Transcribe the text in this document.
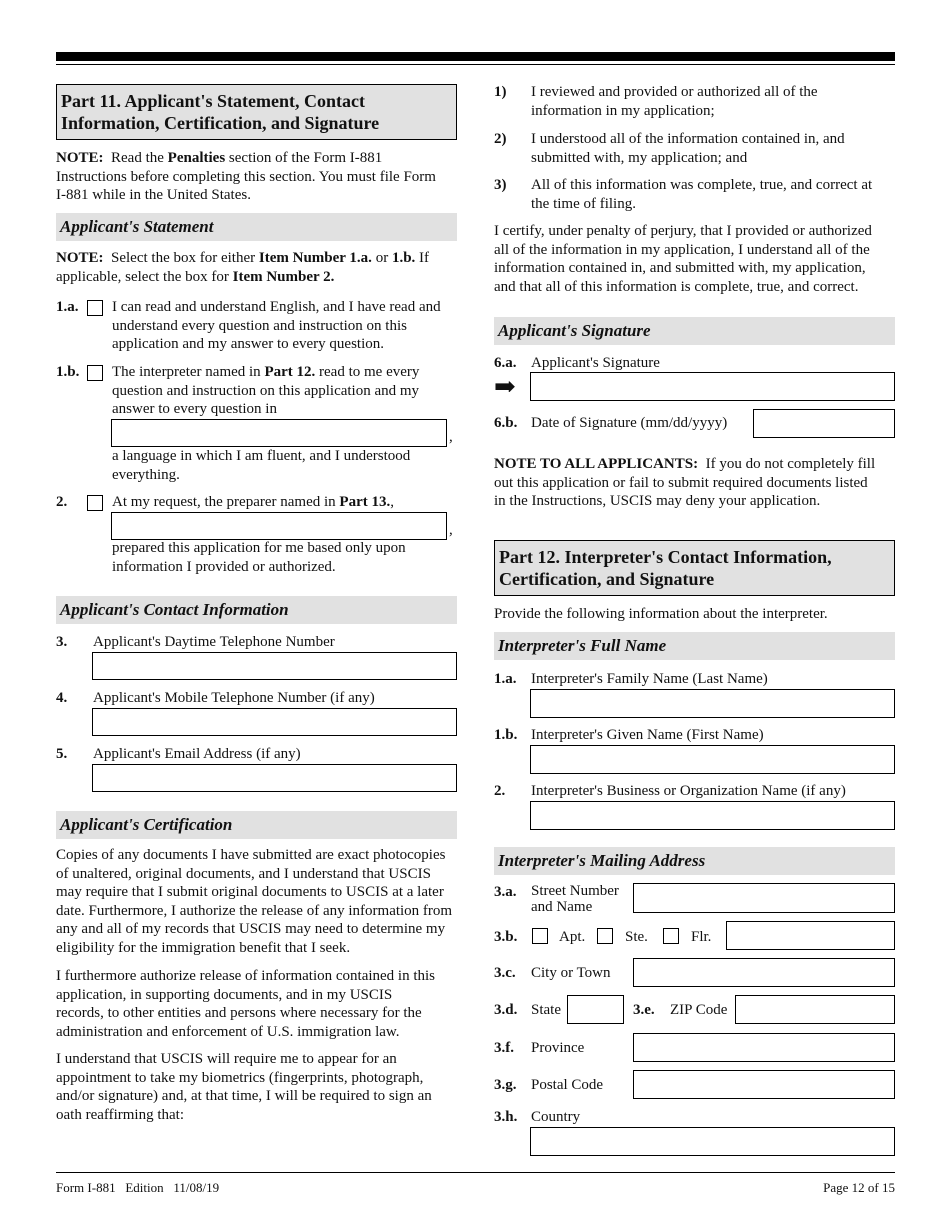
Part 11. Applicant's Statement, Contact
Information, Certification, and Signature
NOTE: Read the Penalties section of the Form I-881
Instructions before completing this section. You must file Form
I-881 while in the United States.
Applicant's Statement
NOTE: Select the box for either Item Number 1.a. or 1.b. If
applicable, select the box for Item Number 2.
1.a. I can read and understand English, and I have read and
understand every question and instruction on this
application and my answer to every question.
1.b. The interpreter named in Part 12. read to me every
question and instruction on this application and my
answer to every question in
,
a language in which I am fluent, and I understood
everything.
2.	At my request, the preparer named in Part 13.,
,
prepared this application for me based only upon
information I provided or authorized.
Applicant's Contact Information
3. Applicant's Daytime Telephone Number
4. Applicant's Mobile Telephone Number (if any)
5. Applicant's Email Address (if any)
Applicant's Certification
Copies of any documents I have submitted are exact photocopies
of unaltered, original documents, and I understand that USCIS
may require that I submit original documents to USCIS at a later
date. Furthermore, I authorize the release of any information from
any and all of my records that USCIS may need to determine my
eligibility for the immigration benefit that I seek.
I furthermore authorize release of information contained in this
application, in supporting documents, and in my USCIS
records, to other entities and persons where necessary for the
administration and enforcement of U.S. immigration law.
I understand that USCIS will require me to appear for an
appointment to take my biometrics (fingerprints, photograph,
and/or signature) and, at that time, I will be required to sign an
oath reaffirming that:
1) I reviewed and provided or authorized all of the
information in my application;
2) I understood all of the information contained in, and
submitted with, my application; and
3) All of this information was complete, true, and correct at
the time of filing.
I certify, under penalty of perjury, that I provided or authorized
all of the information in my application, I understand all of the
information contained in, and submitted with, my application,
and that all of this information is complete, true, and correct.
Applicant's Signature
6.a. Applicant's Signature
➡
6.b. Date of Signature (mm/dd/yyyy)
NOTE TO ALL APPLICANTS: If you do not completely fill
out this application or fail to submit required documents listed
in the Instructions, USCIS may deny your application.
Part 12. Interpreter's Contact Information,
Certification, and Signature
Provide the following information about the interpreter.
Interpreter's Full Name
1.a. Interpreter's Family Name (Last Name)
1.b. Interpreter's Given Name (First Name)
2. Interpreter's Business or Organization Name (if any)
Interpreter's Mailing Address
3.a. Street Number
and Name
3.b.	Apt.	Ste.	Flr.
3.c. City or Town
3.d. State	3.e. ZIP Code
3.f. Province
3.g. Postal Code
3.h. Country
Form I-881   Edition   11/08/19	Page 12 of 15
